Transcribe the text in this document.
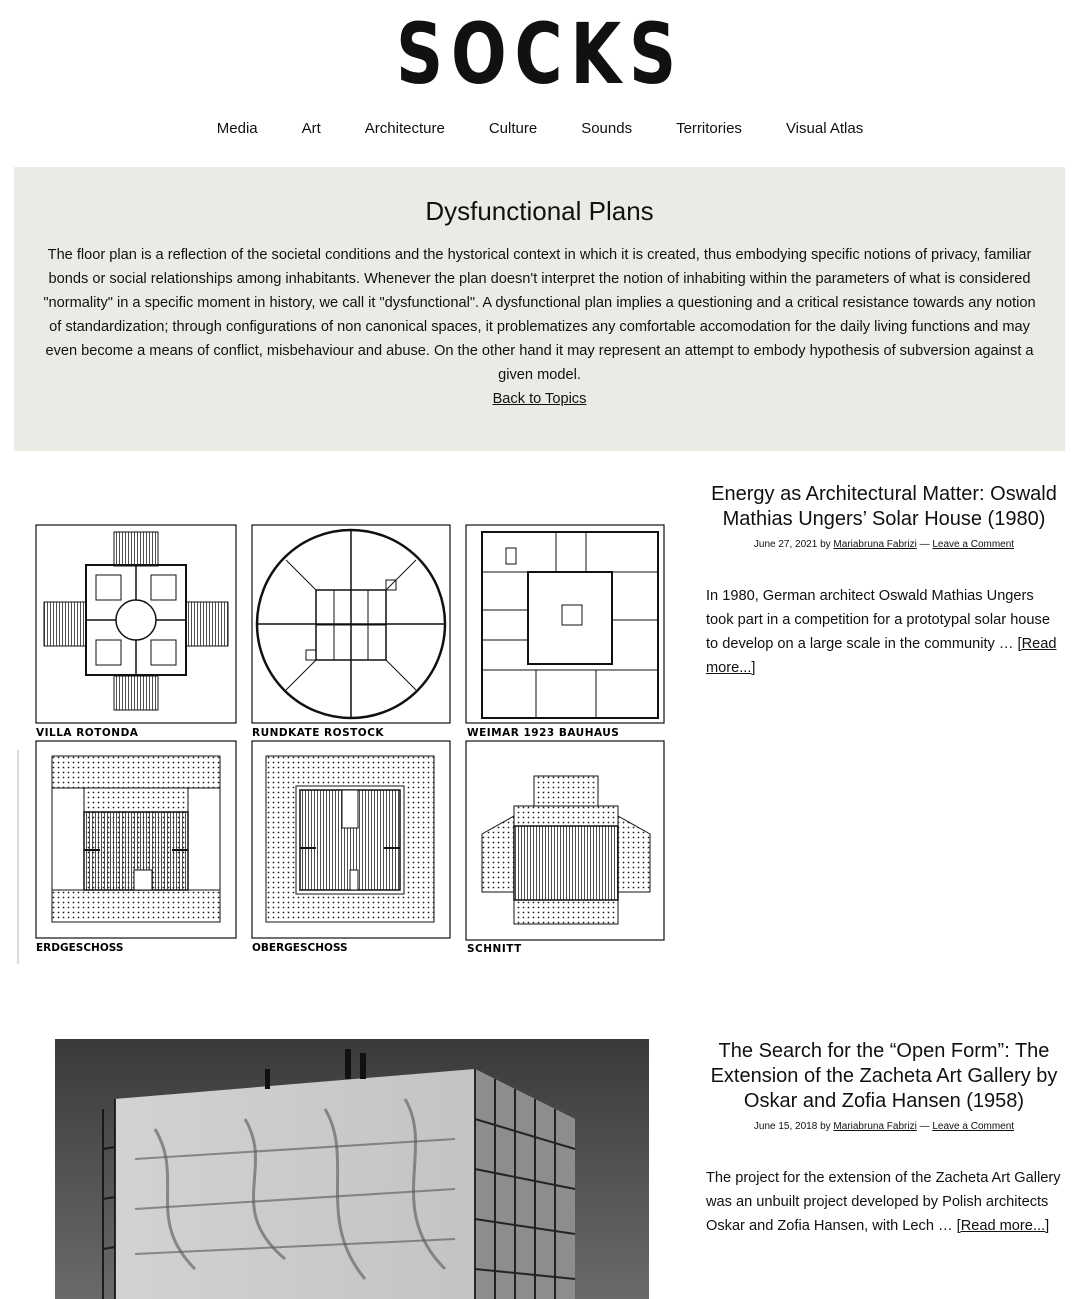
SOCKS
Media	Art	Architecture	Culture	Sounds	Territories	Visual Atlas
Dysfunctional Plans

The floor plan is a reflection of the societal conditions and the hystorical context in which it is created, thus embodying specific notions of privacy, familiar bonds or social relationships among inhabitants. Whenever the plan doesn't interpret the notion of inhabiting within the parameters of what is considered "normality" in a specific moment in history, we call it "dysfunctional". A dysfunctional plan implies a questioning and a critical resistance towards any notion of standardization; through configurations of non canonical spaces, it problematizes any comfortable accomodation for the daily living functions and may even become a means of conflict, misbehaviour and abuse. On the other hand it may represent an attempt to embody hypothesis of subversion against a given model.
Back to Topics

VILLA ROTONDA	RUNDKATE ROSTOCK	WEIMAR 1923 BAUHAUS
ERDGESCHOSS	OBERGESCHOSS	SCHNITT
Energy as Architectural Matter: Oswald Mathias Ungers’ Solar House (1980)
June 27, 2021 by Mariabruna Fabrizi — Leave a Comment
In 1980, German architect Oswald Mathias Ungers took part in a competition for a prototypal solar house to develop on a large scale in the community … [Read more...]
The Search for the “Open Form”: The Extension of the Zacheta Art Gallery by Oskar and Zofia Hansen (1958)
June 15, 2018 by Mariabruna Fabrizi — Leave a Comment
The project for the extension of the Zacheta Art Gallery was an unbuilt project developed by Polish architects Oskar and Zofia Hansen, with Lech … [Read more...]
